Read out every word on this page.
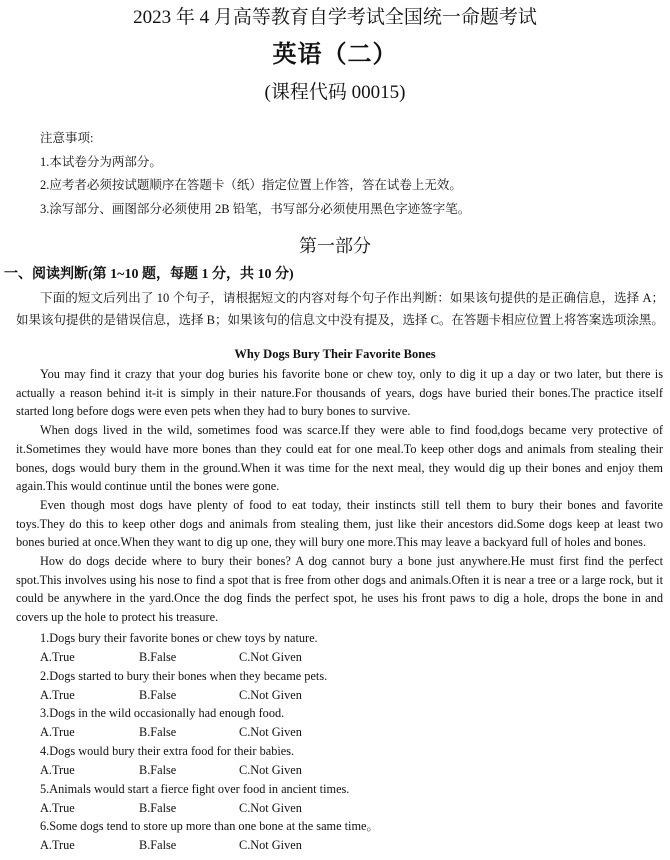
2023 年 4 月高等教育自学考试全国统一命题考试
英语（二）
(课程代码 00015)
注意事项:
1.本试卷分为两部分。
2.应考者必须按试题顺序在答题卡（纸）指定位置上作答，答在试卷上无效。
3.涂写部分、画图部分必须使用 2B 铅笔，书写部分必须使用黑色字迹签字笔。
第一部分
一、阅读判断(第 1~10 题，每题 1 分，共 10 分)

下面的短文后列出了 10 个句子，请根据短文的内容对每个句子作出判断：如果该句提供的是正确信息，选择 A；如果该句提供的是错误信息，选择 B；如果该句的信息文中没有提及，选择 C。在答题卡相应位置上将答案选项涂黑。

Why Dogs Bury Their Favorite Bones

You may find it crazy that your dog buries his favorite bone or chew toy, only to dig it up a day or two later, but there is actually a reason behind it-it is simply in their nature.For thousands of years, dogs have buried their bones.The practice itself started long before dogs were even pets when they had to bury bones to survive.

When dogs lived in the wild, sometimes food was scarce.If they were able to find food,dogs became very protective of it.Sometimes they would have more bones than they could eat for one meal.To keep other dogs and animals from stealing their bones, dogs would bury them in the ground.When it was time for the next meal, they would dig up their bones and enjoy them again.This would continue until the bones were gone.

Even though most dogs have plenty of food to eat today, their instincts still tell them to bury their bones and favorite toys.They do this to keep other dogs and animals from stealing them, just like their ancestors did.Some dogs keep at least two bones buried at once.When they want to dig up one, they will bury one more.This may leave a backyard full of holes and bones.

How do dogs decide where to bury their bones? A dog cannot bury a bone just anywhere.He must first find the perfect spot.This involves using his nose to find a spot that is free from other dogs and animals.Often it is near a tree or a large rock, but it could be anywhere in the yard.Once the dog finds the perfect spot, he uses his front paws to dig a hole, drops the bone in and covers up the hole to protect his treasure.

1.Dogs bury their favorite bones or chew toys by nature.
A.True	B.False	C.Not Given
2.Dogs started to bury their bones when they became pets.
A.True	B.False	C.Not Given
3.Dogs in the wild occasionally had enough food.
A.True	B.False	C.Not Given
4.Dogs would bury their extra food for their babies.
A.True	B.False	C.Not Given
5.Animals would start a fierce fight over food in ancient times.
A.True	B.False	C.Not Given
6.Some dogs tend to store up more than one bone at the same time。
A.True	B.False	C.Not Given
